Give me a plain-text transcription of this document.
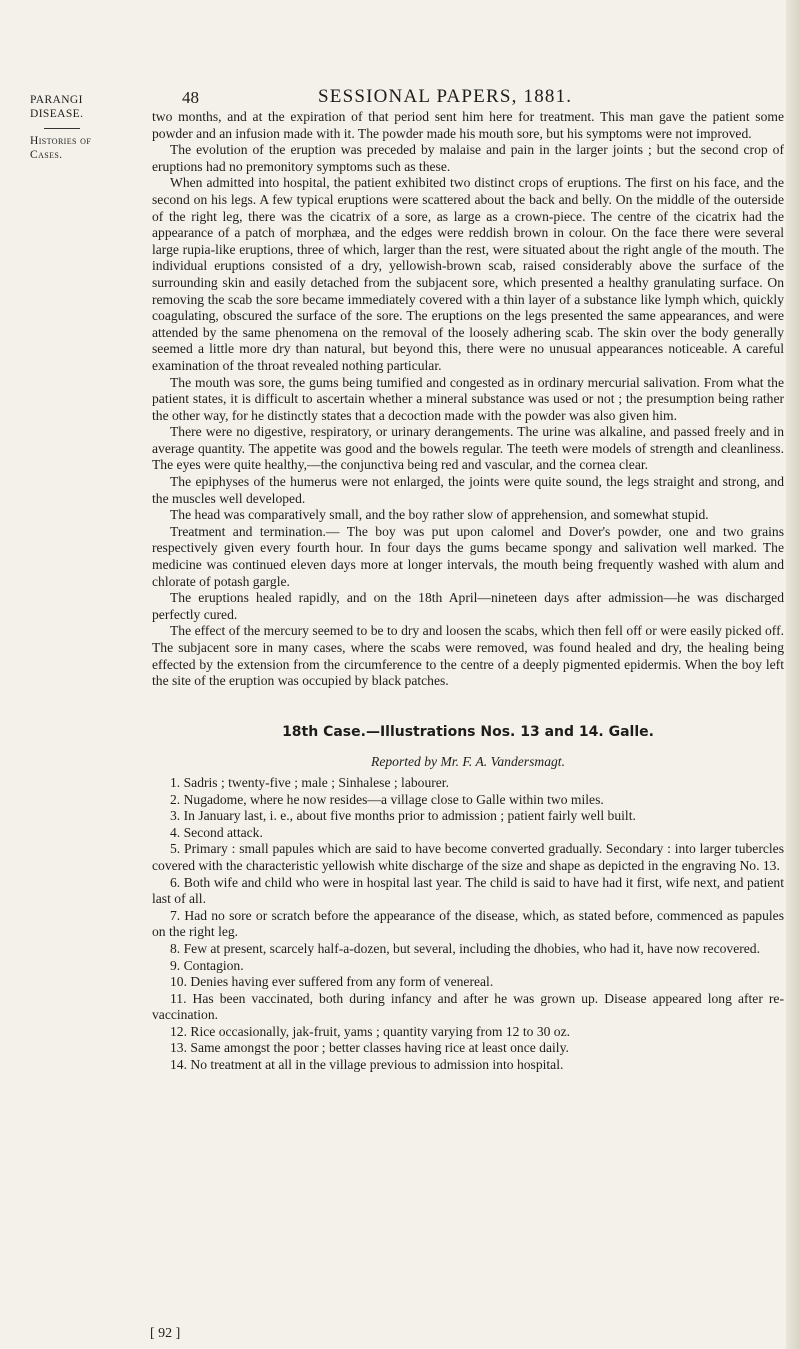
48	SESSIONAL PAPERS, 1881.
PARANGI
DISEASE.
Histories of
Cases.

two months, and at the expiration of that period sent him here for treatment. This man gave the patient some powder and an infusion made with it. The powder made his mouth sore, but his symptoms were not improved.

The evolution of the eruption was preceded by malaise and pain in the larger joints ; but the second crop of eruptions had no premonitory symptoms such as these.

When admitted into hospital, the patient exhibited two distinct crops of eruptions. The first on his face, and the second on his legs. A few typical eruptions were scattered about the back and belly. On the middle of the outerside of the right leg, there was the cicatrix of a sore, as large as a crown-piece. The centre of the cicatrix had the appearance of a patch of morphæa, and the edges were reddish brown in colour. On the face there were several large rupia-like eruptions, three of which, larger than the rest, were situated about the right angle of the mouth. The individual eruptions consisted of a dry, yellowish-brown scab, raised considerably above the surface of the surrounding skin and easily detached from the subjacent sore, which presented a healthy granulating surface. On removing the scab the sore became immediately covered with a thin layer of a substance like lymph which, quickly coagulating, obscured the surface of the sore. The eruptions on the legs presented the same appearances, and were attended by the same phenomena on the removal of the loosely adhering scab. The skin over the body generally seemed a little more dry than natural, but beyond this, there were no unusual appearances noticeable. A careful examination of the throat revealed nothing particular.

The mouth was sore, the gums being tumified and congested as in ordinary mercurial salivation. From what the patient states, it is difficult to ascertain whether a mineral substance was used or not ; the presumption being rather the other way, for he distinctly states that a decoction made with the powder was also given him.

There were no digestive, respiratory, or urinary derangements. The urine was alkaline, and passed freely and in average quantity. The appetite was good and the bowels regular. The teeth were models of strength and cleanliness. The eyes were quite healthy,—the conjunctiva being red and vascular, and the cornea clear.

The epiphyses of the humerus were not enlarged, the joints were quite sound, the legs straight and strong, and the muscles well developed.

The head was comparatively small, and the boy rather slow of apprehension, and somewhat stupid.

Treatment and termination.— The boy was put upon calomel and Dover's powder, one and two grains respectively given every fourth hour. In four days the gums became spongy and salivation well marked. The medicine was continued eleven days more at longer intervals, the mouth being frequently washed with alum and chlorate of potash gargle.

The eruptions healed rapidly, and on the 18th April—nineteen days after admission—he was discharged perfectly cured.

The effect of the mercury seemed to be to dry and loosen the scabs, which then fell off or were easily picked off. The subjacent sore in many cases, where the scabs were removed, was found healed and dry, the healing being effected by the extension from the circumference to the centre of a deeply pigmented epidermis. When the boy left the site of the eruption was occupied by black patches.

18th Case.—Illustrations Nos. 13 and 14. Galle.
Reported by Mr. F. A. Vandersmagt.

1. Sadris ; twenty-five ; male ; Sinhalese ; labourer.

2. Nugadome, where he now resides—a village close to Galle within two miles.

3. In January last, i. e., about five months prior to admission ; patient fairly well built.

4. Second attack.

5. Primary : small papules which are said to have become converted gradually. Secondary : into larger tubercles covered with the characteristic yellowish white discharge of the size and shape as depicted in the engraving No. 13.

6. Both wife and child who were in hospital last year. The child is said to have had it first, wife next, and patient last of all.

7. Had no sore or scratch before the appearance of the disease, which, as stated before, commenced as papules on the right leg.

8. Few at present, scarcely half-a-dozen, but several, including the dhobies, who had it, have now recovered.

9. Contagion.

10. Denies having ever suffered from any form of venereal.

11. Has been vaccinated, both during infancy and after he was grown up. Disease appeared long after re-vaccination.

12. Rice occasionally, jak-fruit, yams ; quantity varying from 12 to 30 oz.

13. Same amongst the poor ; better classes having rice at least once daily.

14. No treatment at all in the village previous to admission into hospital.

[ 92 ]
